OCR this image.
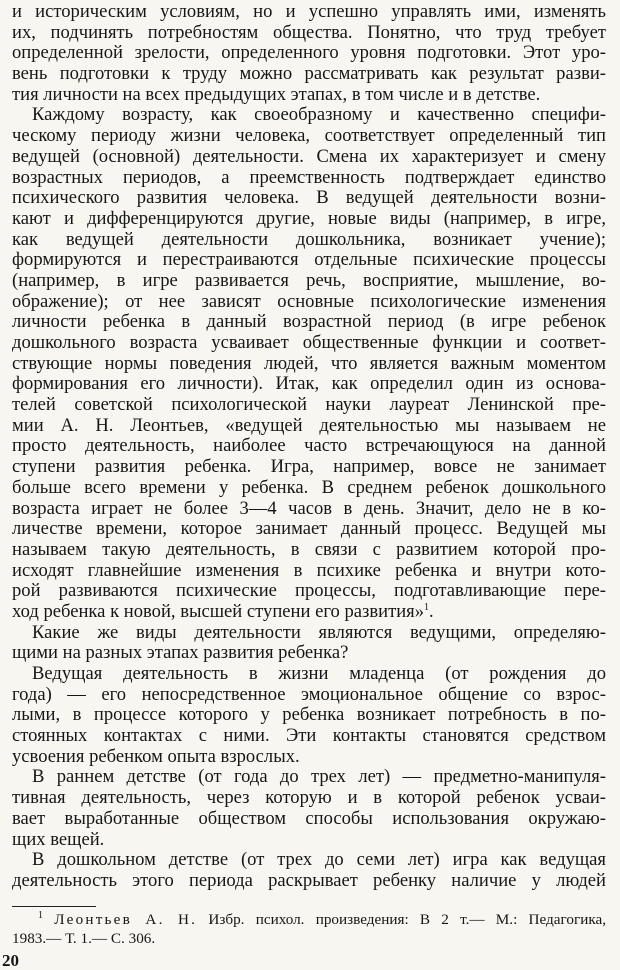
и историческим условиям, но и успешно управлять ими, изменять
их, подчинять потребностям общества. Понятно, что труд требует
определенной зрелости, определенного уровня подготовки. Этот уро-
вень подготовки к труду можно рассматривать как результат разви-
тия личности на всех предыдущих этапах, в том числе и в детстве.
Каждому возрасту, как своеобразному и качественно специфи-
ческому периоду жизни человека, соответствует определенный тип
ведущей (основной) деятельности. Смена их характеризует и смену
возрастных периодов, а преемственность подтверждает единство
психического развития человека. В ведущей деятельности возни-
кают и дифференцируются другие, новые виды (например, в игре,
как ведущей деятельности дошкольника, возникает учение);
формируются и перестраиваются отдельные психические процессы
(например, в игре развивается речь, восприятие, мышление, во-
ображение); от нее зависят основные психологические изменения
личности ребенка в данный возрастной период (в игре ребенок
дошкольного возраста усваивает общественные функции и соответ-
ствующие нормы поведения людей, что является важным моментом
формирования его личности). Итак, как определил один из основа-
телей советской психологической науки лауреат Ленинской пре-
мии А. Н. Леонтьев, «ведущей деятельностью мы называем не
просто деятельность, наиболее часто встречающуюся на данной
ступени развития ребенка. Игра, например, вовсе не занимает
больше всего времени у ребенка. В среднем ребенок дошкольного
возраста играет не более 3—4 часов в день. Значит, дело не в ко-
личестве времени, которое занимает данный процесс. Ведущей мы
называем такую деятельность, в связи с развитием которой про-
исходят главнейшие изменения в психике ребенка и внутри кото-
рой развиваются психические процессы, подготавливающие пере-
ход ребенка к новой, высшей ступени его развития»$^1$.
Какие же виды деятельности являются ведущими, определяю-
щими на разных этапах развития ребенка?
Ведущая деятельность в жизни младенца (от рождения до
года) — его непосредственное эмоциональное общение со взрос-
лыми, в процессе которого у ребенка возникает потребность в по-
стоянных контактах с ними. Эти контакты становятся средством
усвоения ребенком опыта взрослых.
В раннем детстве (от года до трех лет) — предметно-манипуля-
тивная деятельность, через которую и в которой ребенок усваи-
вает выработанные обществом способы использования окружаю-
щих вещей.
В дошкольном детстве (от трех до семи лет) игра как ведущая
деятельность этого периода раскрывает ребенку наличие у людей
$^1$ Леонтьев А. Н. Избр. психол. произведения: В 2 т.— М.: Педагогика,
1983.— Т. 1.— С. 306.
20
